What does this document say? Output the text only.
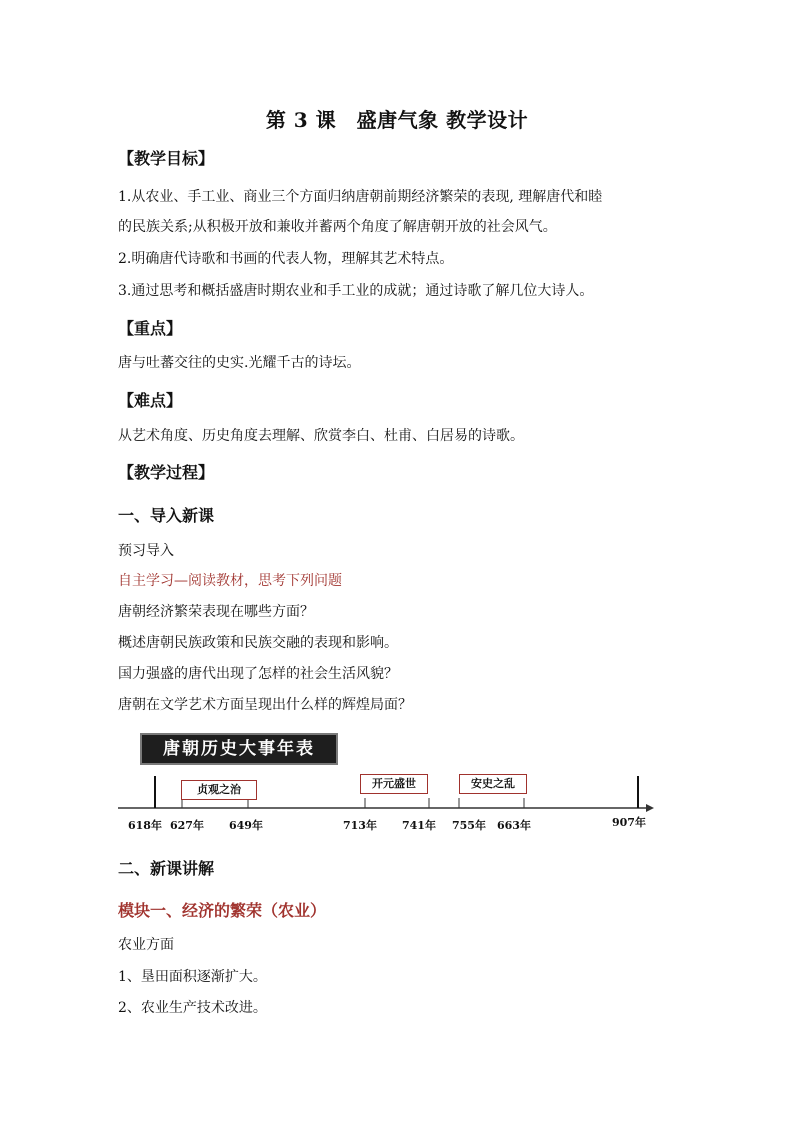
第 3 课　盛唐气象 教学设计
【教学目标】
1.从农业、手工业、商业三个方面归纳唐朝前期经济繁荣的表现, 理解唐代和睦
的民族关系;从积极开放和兼收并蓄两个角度了解唐朝开放的社会风气。
2.明确唐代诗歌和书画的代表人物，理解其艺术特点。
3.通过思考和概括盛唐时期农业和手工业的成就；通过诗歌了解几位大诗人。
【重点】
唐与吐蕃交往的史实.光耀千古的诗坛。
【难点】
从艺术角度、历史角度去理解、欣赏李白、杜甫、白居易的诗歌。
【教学过程】
一、导入新课
预习导入
自主学习—阅读教材，思考下列问题
唐朝经济繁荣表现在哪些方面？
概述唐朝民族政策和民族交融的表现和影响。
国力强盛的唐代出现了怎样的社会生活风貌？
唐朝在文学艺术方面呈现出什么样的辉煌局面？
唐朝历史大事年表
贞观之治	开元盛世	安史之乱
618年 627年 649年	713年 741年 755年 663年	907年
二、新课讲解
模块一、经济的繁荣（农业）
农业方面
1、垦田面积逐渐扩大。
2、农业生产技术改进。
